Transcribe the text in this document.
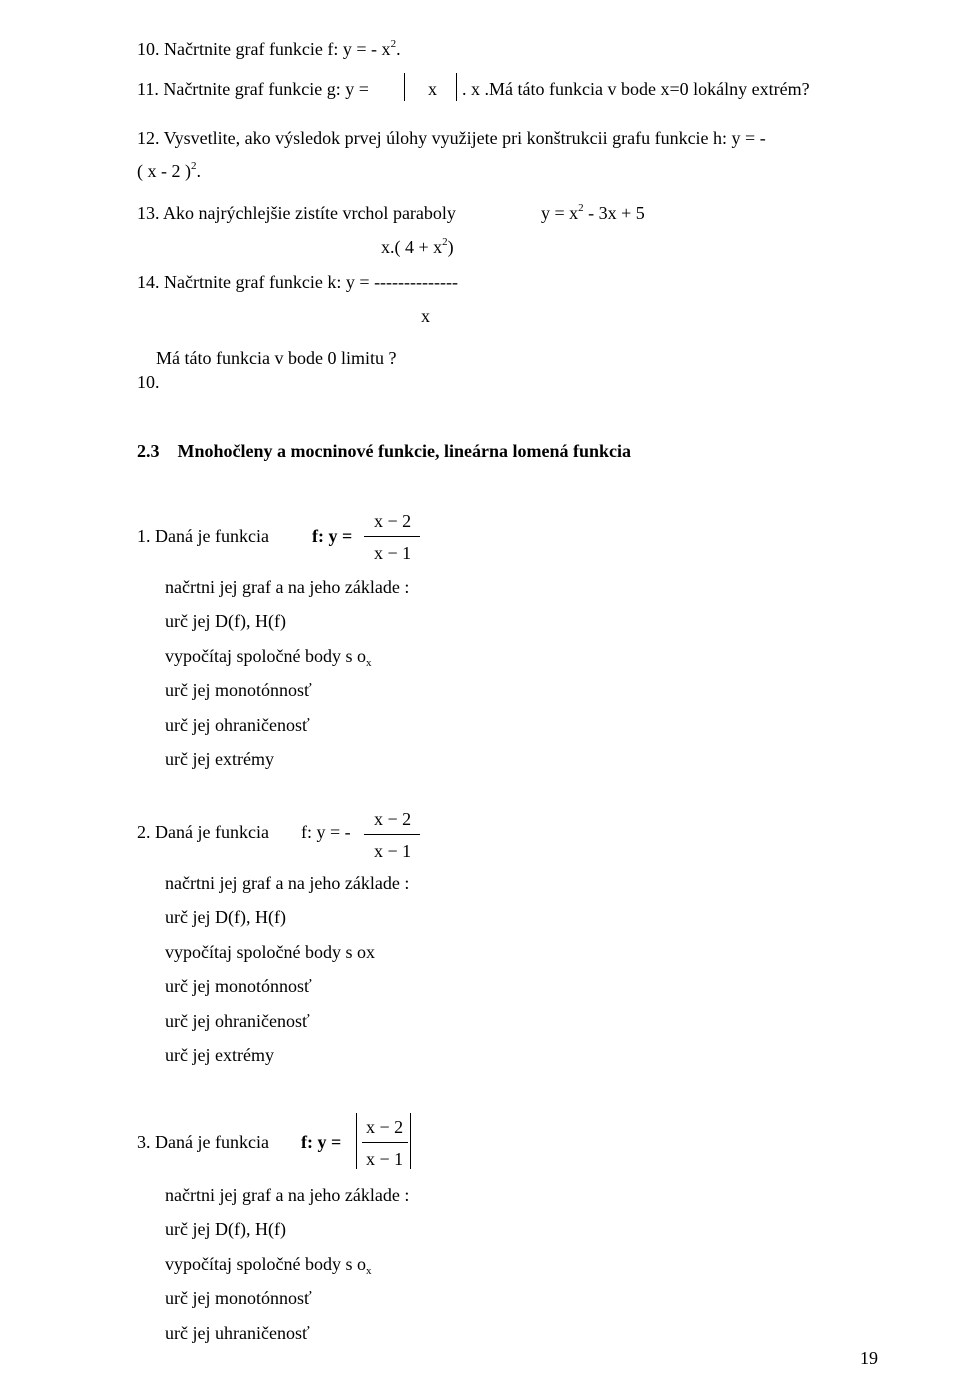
10. Načrtnite graf funkcie f: y = - $x^2$.
11. Načrtnite graf funkcie g: y =	x . x .Má táto funkcia v bode x=0 lokálny extrém?
12. Vysvetlite, ako výsledok prvej úlohy využijete pri konštrukcii grafu funkcie h: y = -
( x - 2 )$^2$.
13. Ako najrýchlejšie zistíte vrchol paraboly	$y = x^2 - 3x + 5$
x.( $4 + x^2$)
14. Načrtnite graf funkcie k: y = --------------
x
Má táto funkcia v bode 0 limitu ?
10.
2.3 Mnohočleny a mocninové funkcie, lineárna lomená funkcia
1. Daná je funkcia f: y =
x − 2
x − 1
načrtni jej graf a na jeho základe :
urč jej D(f), H(f)
vypočítaj spoločné body s $o_x$
urč jej monotónnosť
urč jej ohraničenosť
urč jej extrémy
2. Daná je funkcia f: y = -
x − 2
x − 1
načrtni jej graf a na jeho základe :
urč jej D(f), H(f)
vypočítaj spoločné body s ox
urč jej monotónnosť
urč jej ohraničenosť
urč jej extrémy
3. Daná je funkcia f: y =
x − 2
x − 1
načrtni jej graf a na jeho základe :
urč jej D(f), H(f)
vypočítaj spoločné body s $o_x$
urč jej monotónnosť
urč jej uhraničenosť
19
